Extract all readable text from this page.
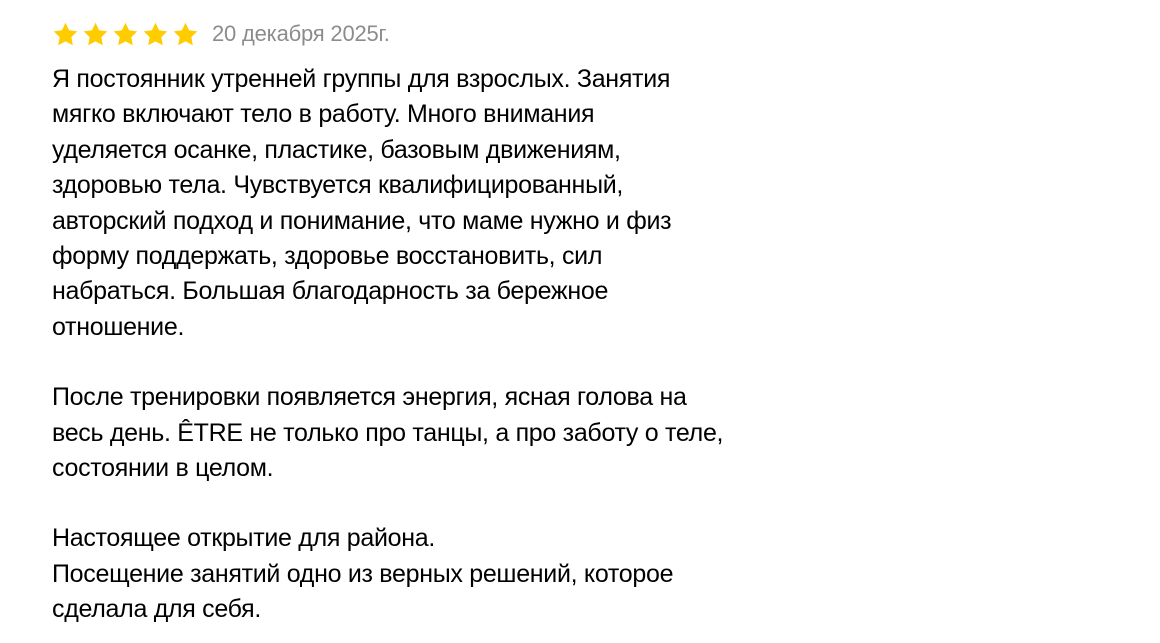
20 декабря 2025г.

Я постоянник утренней группы для взрослых. Занятия
мягко включают тело в работу. Много внимания
уделяется осанке, пластике, базовым движениям,
здоровью тела. Чувствуется квалифицированный,
авторский подход и понимание, что маме нужно и физ
форму поддержать, здоровье восстановить, сил
набраться. Большая благодарность за бережное
отношение.

После тренировки появляется энергия, ясная голова на
весь день. ÊTRE не только про танцы, а про заботу о теле,
состоянии в целом.

Настоящее открытие для района.
Посещение занятий одно из верных решений, которое
сделала для себя.
